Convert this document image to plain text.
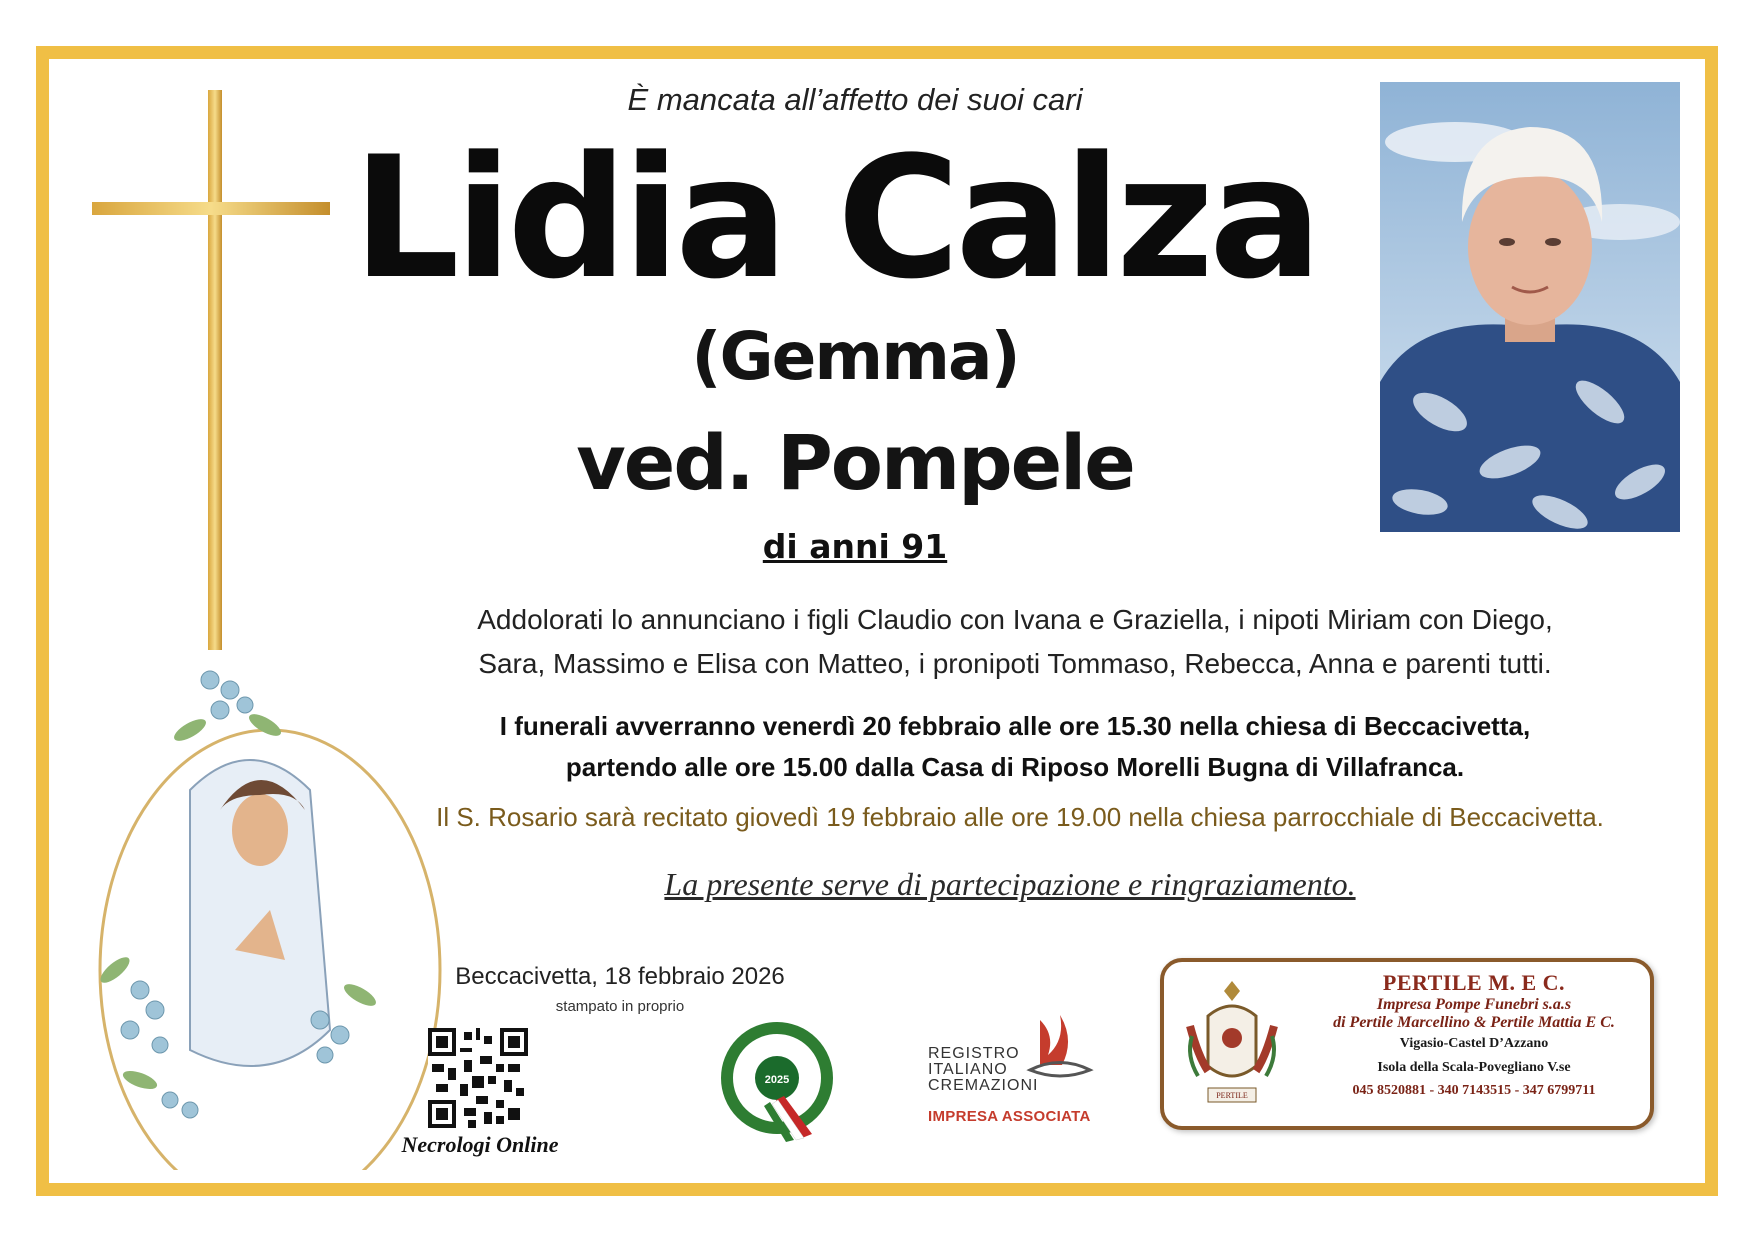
È mancata all’affetto dei suoi cari
Lidia Calza
(Gemma)
ved. Pompele
di anni 91
Addolorati lo annunciano i figli Claudio con Ivana e Graziella, i nipoti Miriam con Diego,
Sara, Massimo e Elisa con Matteo, i pronipoti Tommaso, Rebecca, Anna e parenti tutti.
I funerali avverranno venerdì 20 febbraio alle ore 15.30 nella chiesa di Beccacivetta,
partendo alle ore 15.00 dalla Casa di Riposo Morelli Bugna di Villafranca.
Il S. Rosario sarà recitato giovedì 19 febbraio alle ore 19.00 nella chiesa parrocchiale di Beccacivetta.
La presente serve di partecipazione e ringraziamento.
Beccacivetta, 18 febbraio 2026
stampato in proprio
Necrologi Online
2025
REGISTRO
ITALIANO
CREMAZIONI
IMPRESA ASSOCIATA
PERTILE
PERTILE M. E C.
Impresa Pompe Funebri s.a.s
di Pertile Marcellino & Pertile Mattia E C.
Vigasio-Castel D’Azzano
Isola della Scala-Povegliano V.se
045 8520881 - 340 7143515 - 347 6799711
